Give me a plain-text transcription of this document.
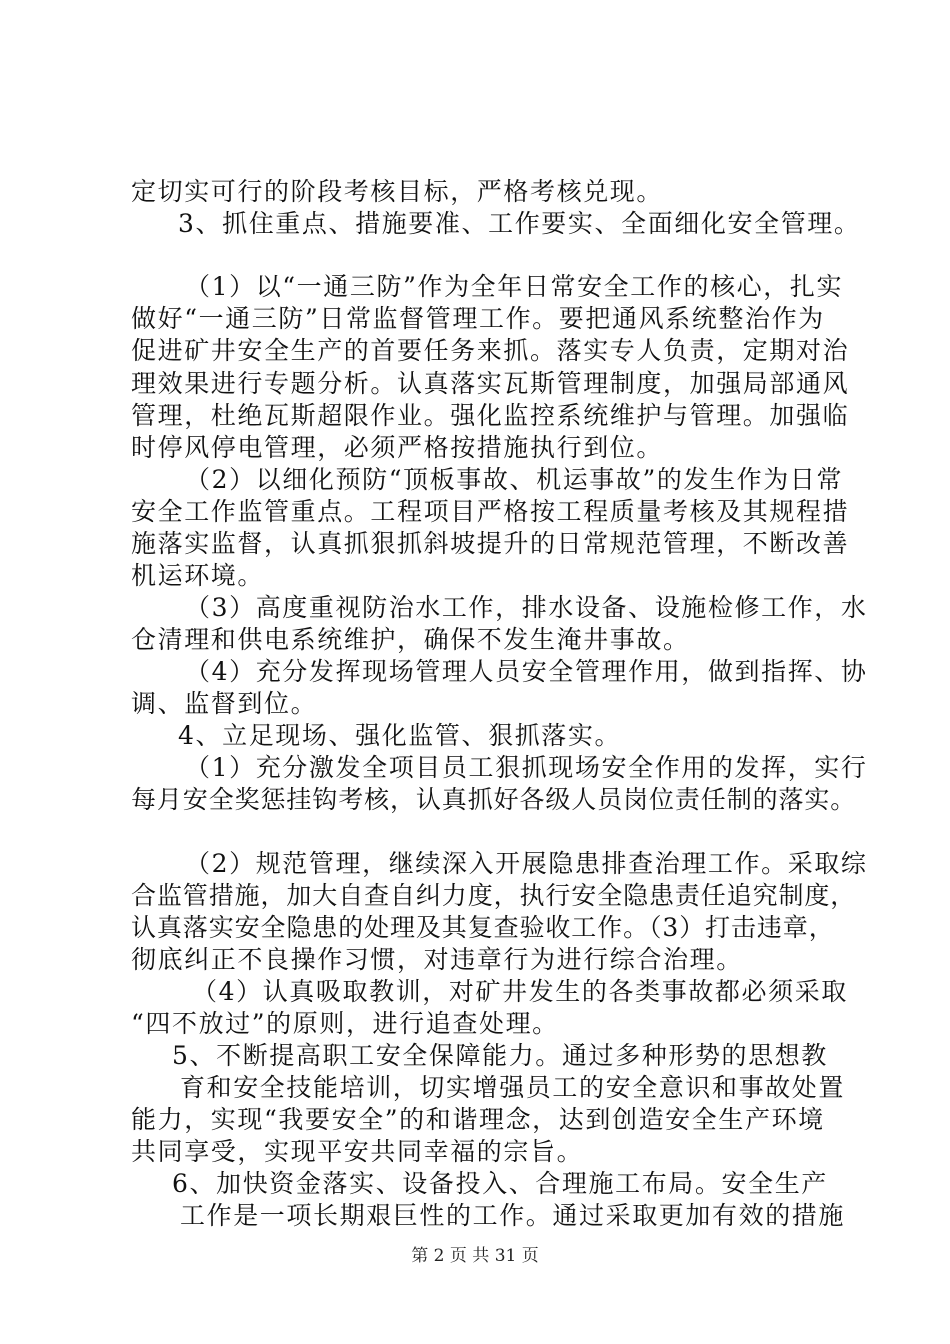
定切实可行的阶段考核目标，严格考核兑现。

3、抓住重点、措施要准、工作要实、全面细化安全管理。

（1）以“一通三防”作为全年日常安全工作的核心，扎实

做好“一通三防”日常监督管理工作。要把通风系统整治作为

促进矿井安全生产的首要任务来抓。落实专人负责，定期对治

理效果进行专题分析。认真落实瓦斯管理制度，加强局部通风

管理，杜绝瓦斯超限作业。强化监控系统维护与管理。加强临

时停风停电管理，必须严格按措施执行到位。

（2）以细化预防“顶板事故、机运事故”的发生作为日常

安全工作监管重点。工程项目严格按工程质量考核及其规程措

施落实监督，认真抓狠抓斜坡提升的日常规范管理，不断改善

机运环境。

（3）高度重视防治水工作，排水设备、设施检修工作，水

仓清理和供电系统维护，确保不发生淹井事故。

（4）充分发挥现场管理人员安全管理作用，做到指挥、协

调、监督到位。

4、立足现场、强化监管、狠抓落实。

（1）充分激发全项目员工狠抓现场安全作用的发挥，实行

每月安全奖惩挂钩考核，认真抓好各级人员岗位责任制的落实。

（2）规范管理，继续深入开展隐患排查治理工作。采取综

合监管措施，加大自查自纠力度，执行安全隐患责任追究制度，

认真落实安全隐患的处理及其复查验收工作。（3）打击违章，

彻底纠正不良操作习惯，对违章行为进行综合治理。

（4）认真吸取教训，对矿井发生的各类事故都必须采取

“四不放过”的原则，进行追查处理。

5、不断提高职工安全保障能力。通过多种形势的思想教

育和安全技能培训，切实增强员工的安全意识和事故处置

能力，实现“我要安全”的和谐理念，达到创造安全生产环境

共同享受，实现平安共同幸福的宗旨。

6、加快资金落实、设备投入、合理施工布局。安全生产

工作是一项长期艰巨性的工作。通过采取更加有效的措施

第 2 页 共 31 页
